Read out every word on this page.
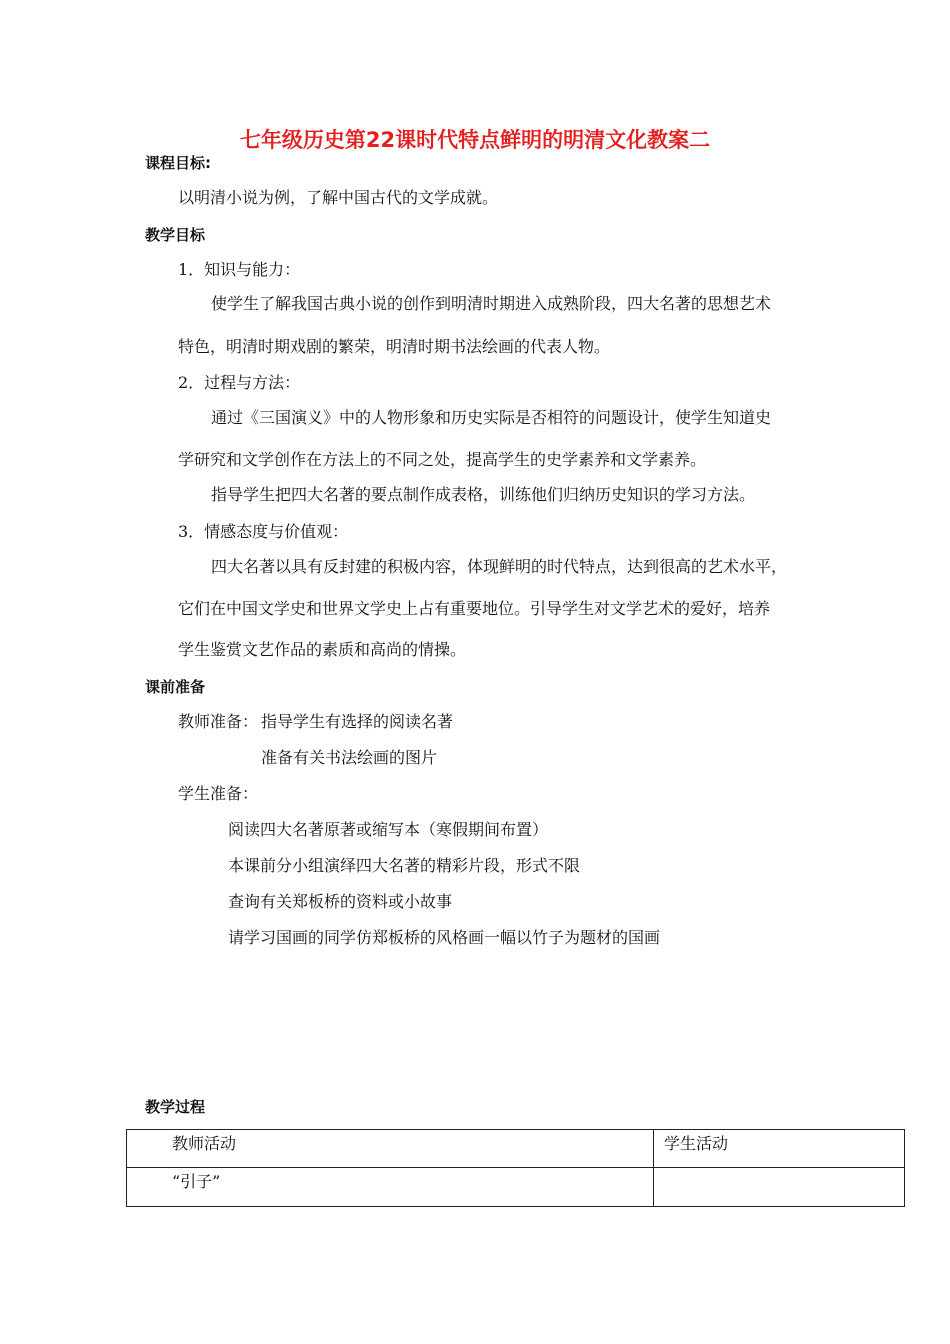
七年级历史第22课时代特点鲜明的明清文化教案二
课程目标:
以明清小说为例，了解中国古代的文学成就。
教学目标
1．知识与能力：
使学生了解我国古典小说的创作到明清时期进入成熟阶段，四大名著的思想艺术
特色，明清时期戏剧的繁荣，明清时期书法绘画的代表人物。
2．过程与方法：
通过《三国演义》中的人物形象和历史实际是否相符的问题设计，使学生知道史
学研究和文学创作在方法上的不同之处，提高学生的史学素养和文学素养。
指导学生把四大名著的要点制作成表格，训练他们归纳历史知识的学习方法。
3．情感态度与价值观：
四大名著以具有反封建的积极内容，体现鲜明的时代特点，达到很高的艺术水平，
它们在中国文学史和世界文学史上占有重要地位。引导学生对文学艺术的爱好，培养
学生鉴赏文艺作品的素质和高尚的情操。
课前准备
教师准备： 指导学生有选择的阅读名著
准备有关书法绘画的图片
学生准备：
阅读四大名著原著或缩写本（寒假期间布置）
本课前分小组演绎四大名著的精彩片段，形式不限
查询有关郑板桥的资料或小故事
请学习国画的同学仿郑板桥的风格画一幅以竹子为题材的国画
教学过程
教师活动	学生活动
“引子”	
